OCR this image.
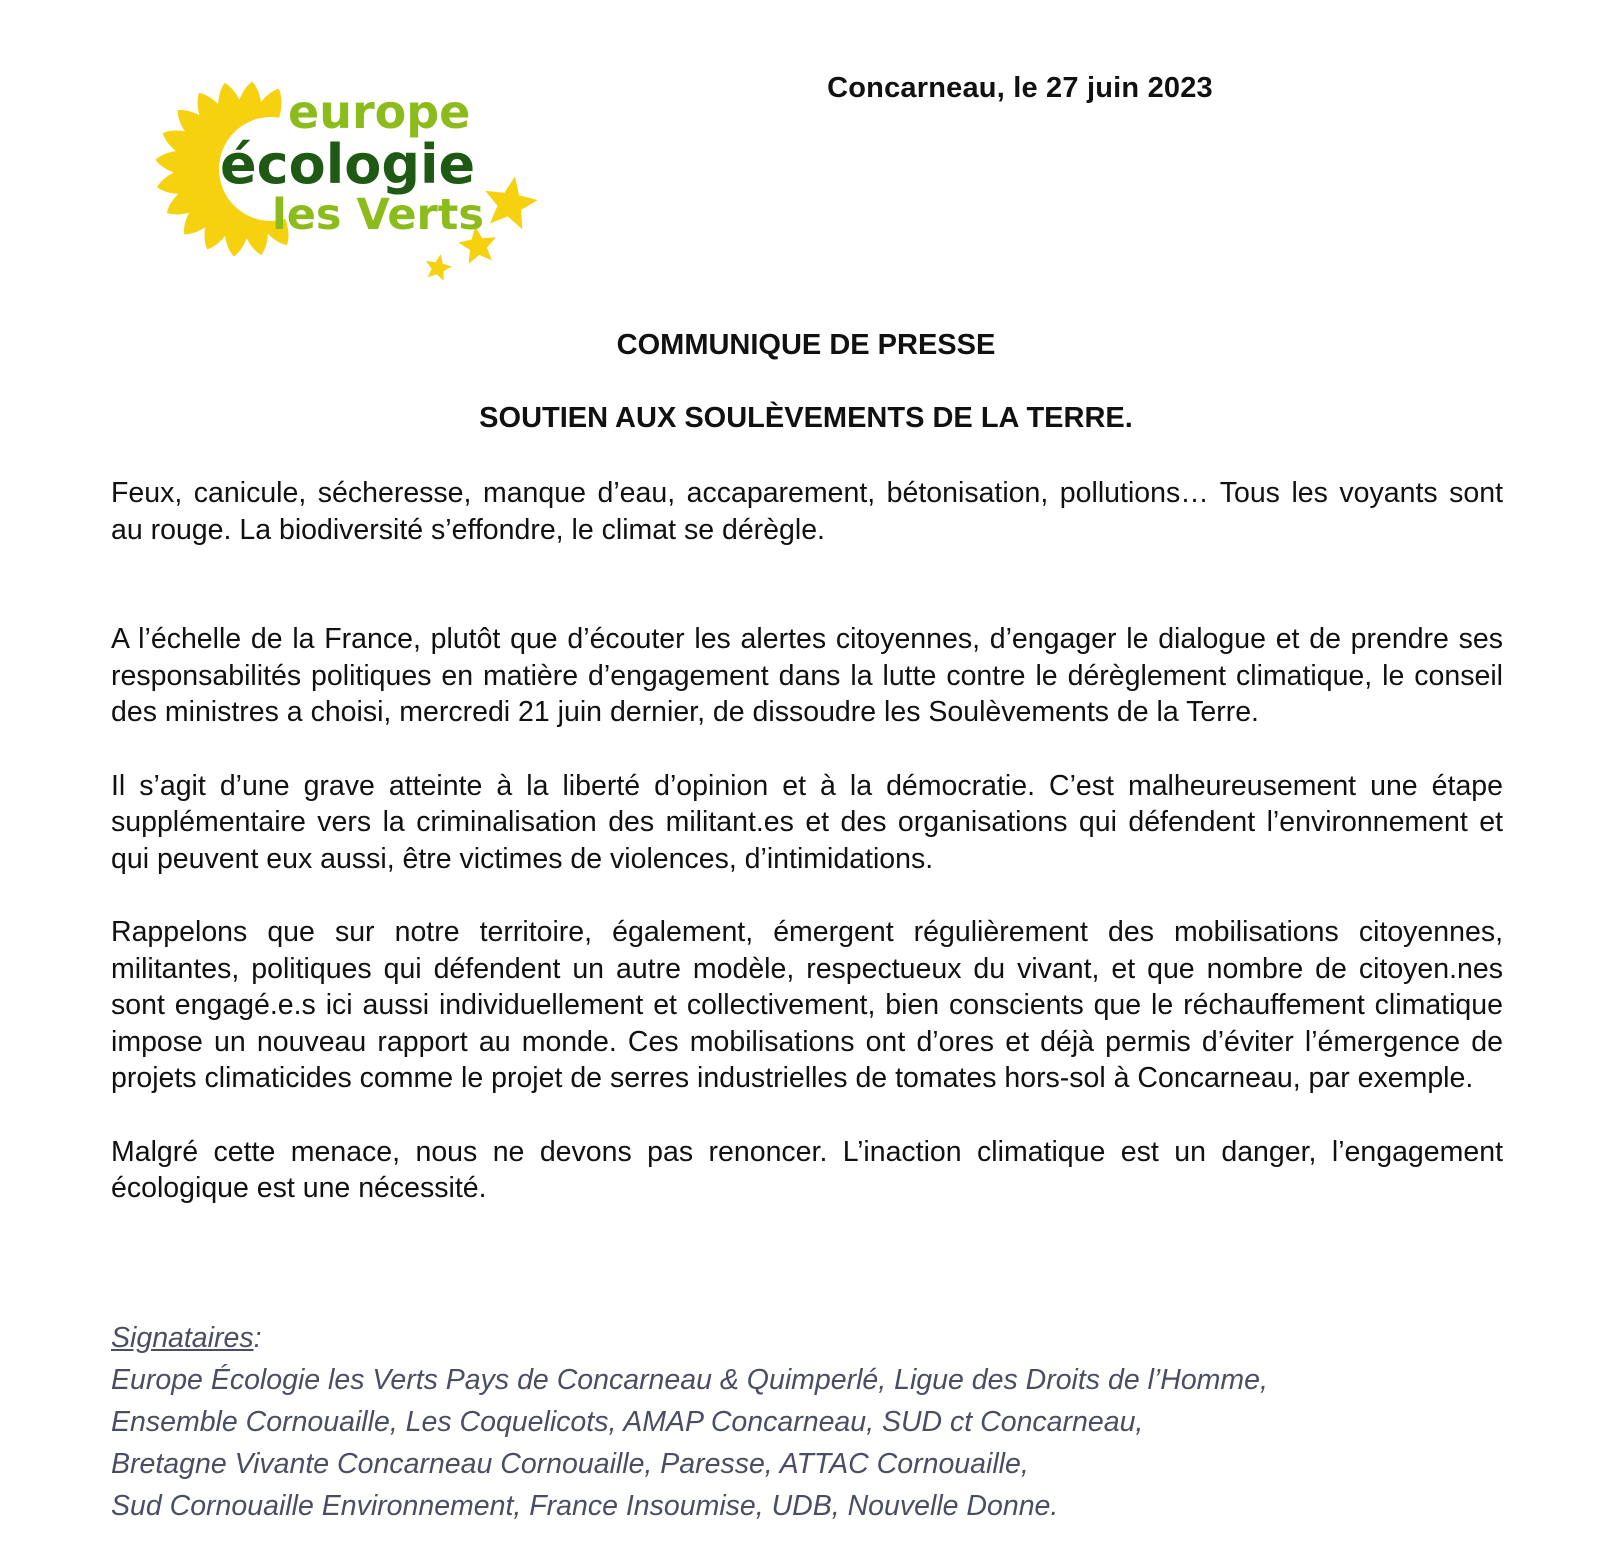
europe
écologie
les Verts
Concarneau, le 27 juin 2023
COMMUNIQUE DE PRESSE
SOUTIEN AUX SOULÈVEMENTS DE LA TERRE.

Feux, canicule, sécheresse, manque d’eau, accaparement, bétonisation, pollutions… Tous les voyants sont au rouge. La biodiversité s’effondre, le climat se dérègle.

A l’échelle de la France, plutôt que d’écouter les alertes citoyennes, d’engager le dialogue et de prendre ses responsabilités politiques en matière d’engagement dans la lutte contre le dérèglement climatique, le conseil des ministres a choisi, mercredi 21 juin dernier, de dissoudre les Soulèvements de la Terre.

Il s’agit d’une grave atteinte à la liberté d’opinion et à la démocratie. C’est malheureusement une étape supplémentaire vers la criminalisation des militant.es et des organisations qui défendent l’environnement et qui peuvent eux aussi, être victimes de violences, d’intimidations.

Rappelons que sur notre territoire, également, émergent régulièrement des mobilisations citoyennes, militantes, politiques qui défendent un autre modèle, respectueux du vivant, et que nombre de citoyen.nes sont engagé.e.s ici aussi individuellement et collectivement, bien conscients que le réchauffement climatique impose un nouveau rapport au monde. Ces mobilisations ont d’ores et déjà permis d’éviter l’émergence de projets climaticides comme le projet de serres industrielles de tomates hors-sol à Concarneau, par exemple.

Malgré cette menace, nous ne devons pas renoncer. L’inaction climatique est un danger, l’engagement écologique est une nécessité.

Signataires:
Europe Écologie les Verts Pays de Concarneau & Quimperlé, Ligue des Droits de l’Homme,
Ensemble Cornouaille, Les Coquelicots, AMAP Concarneau, SUD ct Concarneau,
Bretagne Vivante Concarneau Cornouaille, Paresse, ATTAC Cornouaille,
Sud Cornouaille Environnement, France Insoumise, UDB, Nouvelle Donne.
